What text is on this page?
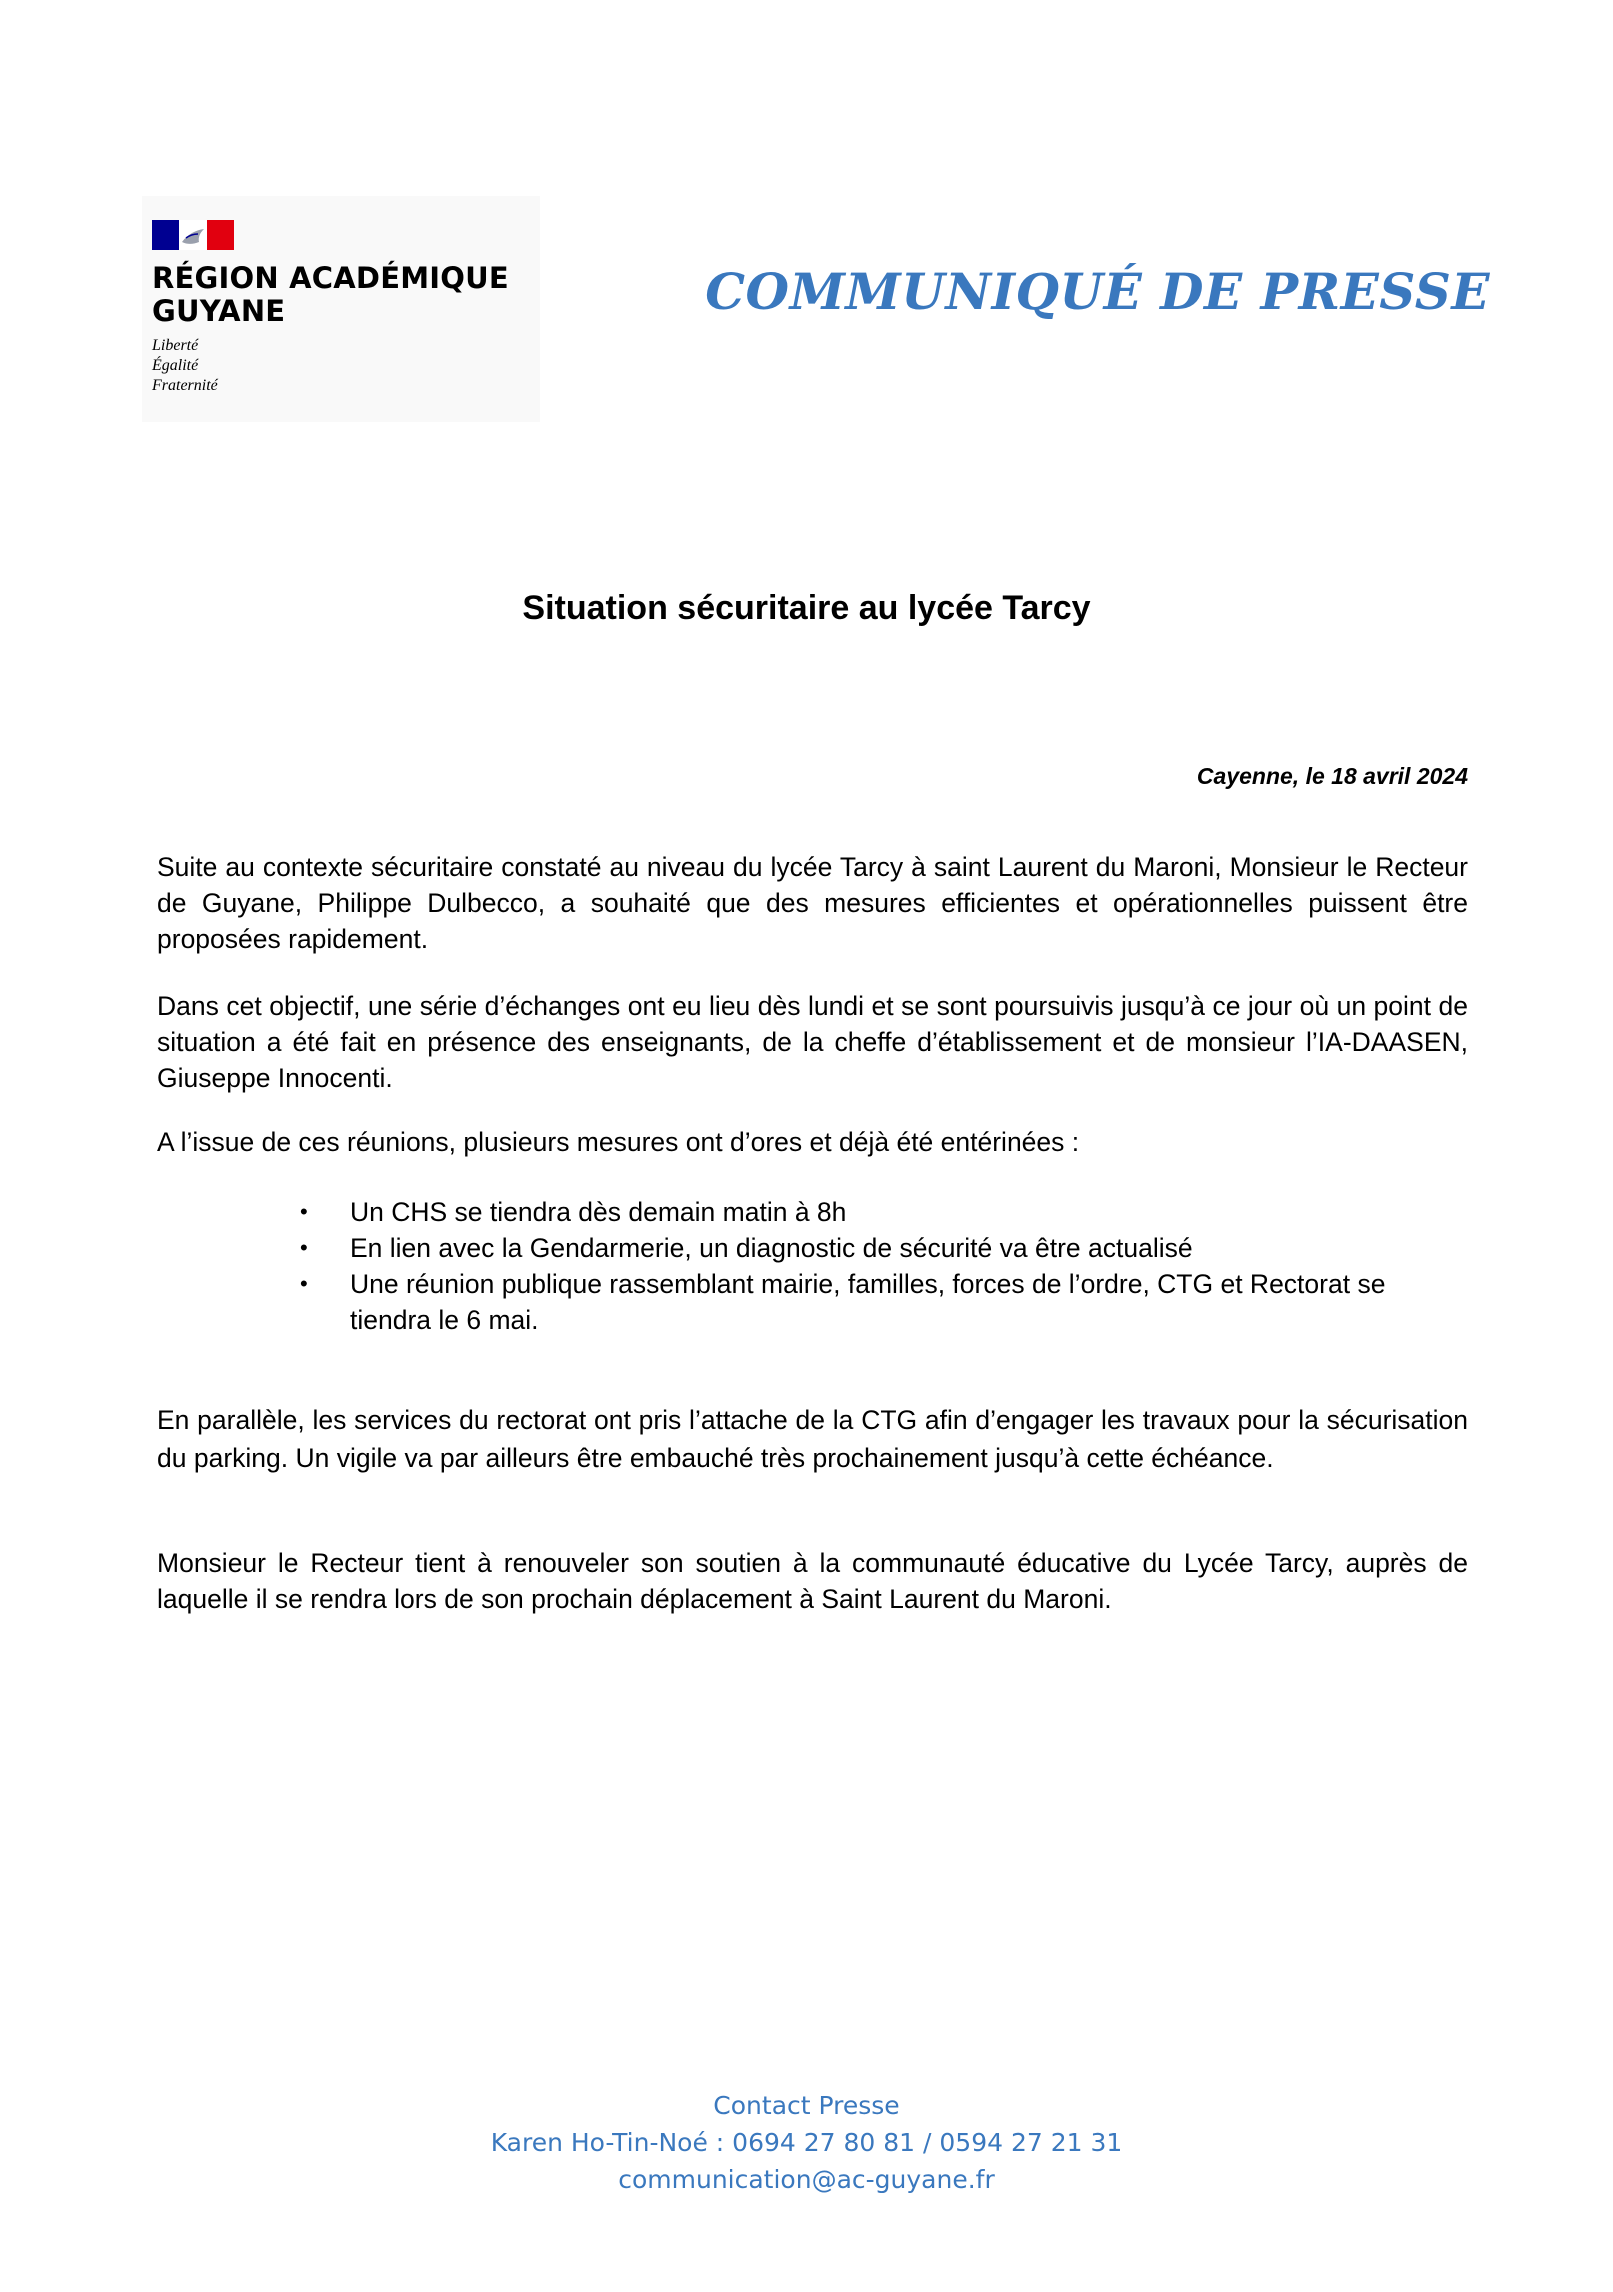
RÉGION ACADÉMIQUE
GUYANE
Liberté
Égalité
Fraternité
COMMUNIQUÉ DE PRESSE
Situation sécuritaire au lycée Tarcy
Cayenne, le 18 avril 2024
Suite au contexte sécuritaire constaté au niveau du lycée Tarcy à saint Laurent du Maroni, Monsieur le Recteur de Guyane, Philippe Dulbecco, a souhaité que des mesures efficientes et opérationnelles puissent être proposées rapidement.
Dans cet objectif, une série d’échanges ont eu lieu dès lundi et se sont poursuivis jusqu’à ce jour où un point de situation a été fait en présence des enseignants, de la cheffe d’établissement et de monsieur l’IA-DAASEN, Giuseppe Innocenti.
A l’issue de ces réunions, plusieurs mesures ont d’ores et déjà été entérinées :
• Un CHS se tiendra dès demain matin à 8h
• En lien avec la Gendarmerie, un diagnostic de sécurité va être actualisé
• Une réunion publique rassemblant mairie, familles, forces de l’ordre, CTG et Rectorat se tiendra le 6 mai.
En parallèle, les services du rectorat ont pris l’attache de la CTG afin d’engager les travaux pour la sécurisation du parking. Un vigile va par ailleurs être embauché très prochainement jusqu’à cette échéance.
Monsieur le Recteur tient à renouveler son soutien à la communauté éducative du Lycée Tarcy, auprès de laquelle il se rendra lors de son prochain déplacement à Saint Laurent du Maroni.
Contact Presse
Karen Ho-Tin-Noé : 0694 27 80 81 / 0594 27 21 31
communication@ac-guyane.fr
